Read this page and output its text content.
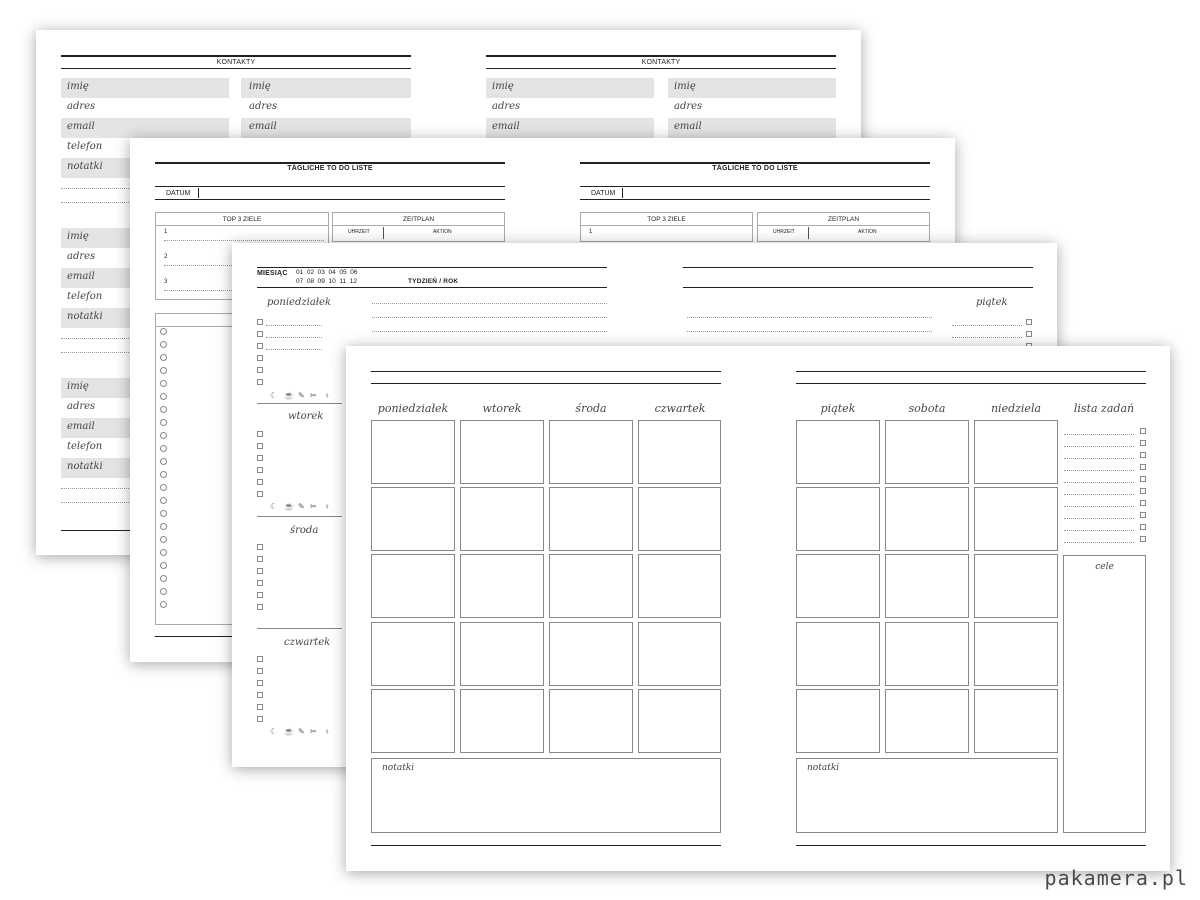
KONTAKTY
imię	imię
adres	adres
email	email
telefon
notatki
imię
adres
email
telefon
notatki
imię
adres
email
telefon
notatki
KONTAKTY
imię	imię
adres	adres
email	email
TÄGLICHE TO DO LISTE
DATUM
TOP 3 ZIELE
1
2
3
ZEITPLAN
UHRZEIT	AKTION
TÄGLICHE TO DO LISTE
DATUM
TOP 3 ZIELE
1
ZEITPLAN
UHRZEIT	AKTION
MIESIĄC 01  02  03  04  05  06
07  08  09  10  11  12	TYDZIEŃ / ROK
poniedziałek
☾ ☕ ✎ ✂ ♀
wtorek
☾ ☕ ✎ ✂ ♀
środa
czwartek
☾ ☕ ✎ ✂ ♀
piątek
poniedziałek	wtorek	środa	czwartek
notatki
piątek	sobota	niedziela	lista zadań
cele
notatki
pakamera.pl
